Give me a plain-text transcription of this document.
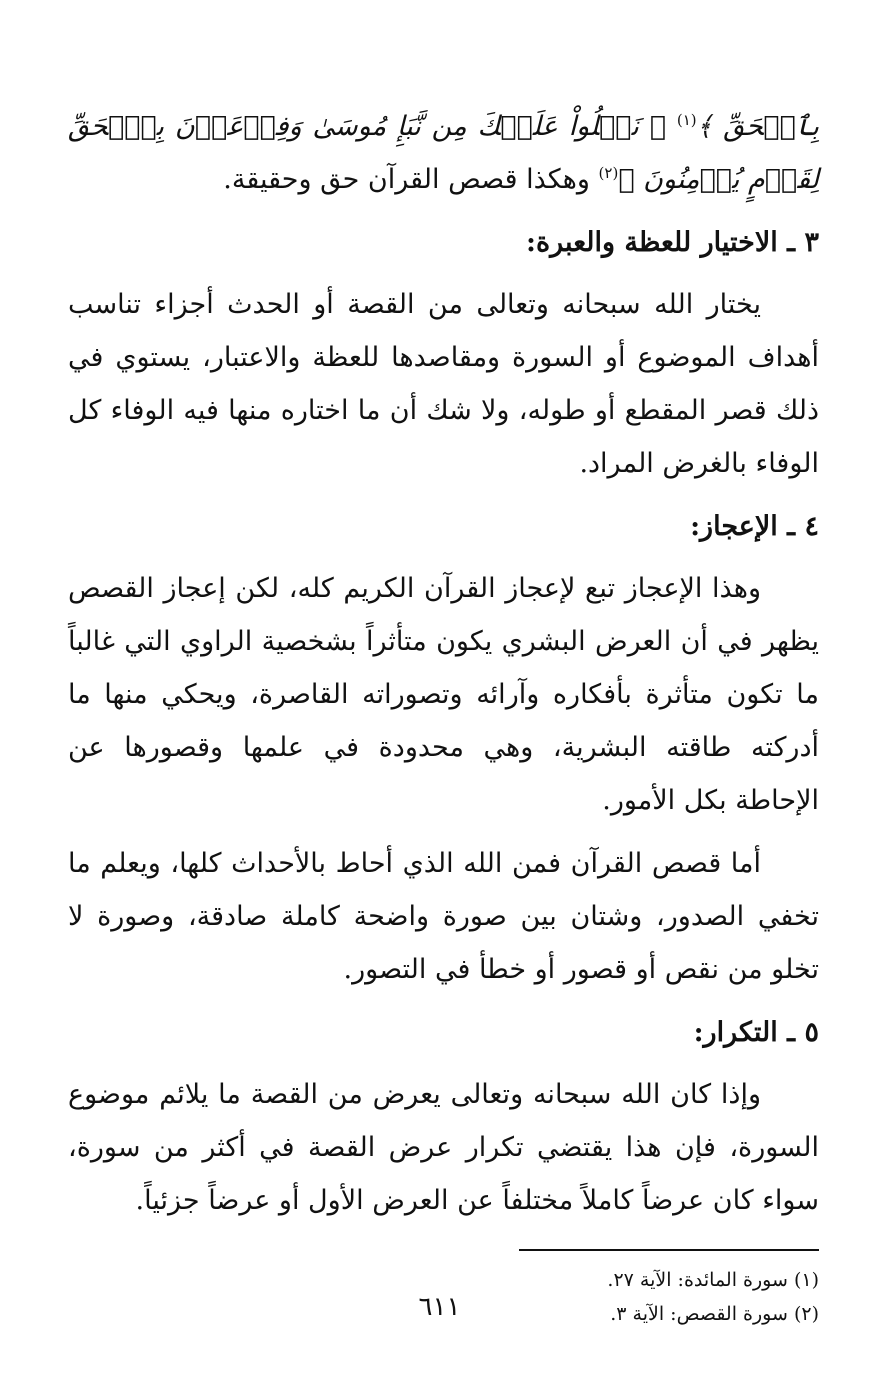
بِٱلۡحَقِّ ﴾$^{(١)}$ ﴿ نَتۡلُواْ عَلَيۡكَ مِن نَّبَإِ مُوسَىٰ وَفِرۡعَوۡنَ بِٱلۡحَقِّ لِقَوۡمٍ يُؤۡمِنُونَ ﴾$^{(٢)}$ وهكذا قصص القرآن حق وحقيقة.

٣ ـ الاختيار للعظة والعبرة:

يختار الله سبحانه وتعالى من القصة أو الحدث أجزاء تناسب أهداف الموضوع أو السورة ومقاصدها للعظة والاعتبار، يستوي في ذلك قصر المقطع أو طوله، ولا شك أن ما اختاره منها فيه الوفاء كل الوفاء بالغرض المراد.

٤ ـ الإعجاز:

وهذا الإعجاز تبع لإعجاز القرآن الكريم كله، لكن إعجاز القصص يظهر في أن العرض البشري يكون متأثراً بشخصية الراوي التي غالباً ما تكون متأثرة بأفكاره وآرائه وتصوراته القاصرة، ويحكي منها ما أدركته طاقته البشرية، وهي محدودة في علمها وقصورها عن الإحاطة بكل الأمور.

أما قصص القرآن فمن الله الذي أحاط بالأحداث كلها، ويعلم ما تخفي الصدور، وشتان بين صورة واضحة كاملة صادقة، وصورة لا تخلو من نقص أو قصور أو خطأ في التصور.

٥ ـ التكرار:

وإذا كان الله سبحانه وتعالى يعرض من القصة ما يلائم موضوع السورة، فإن هذا يقتضي تكرار عرض القصة في أكثر من سورة، سواء كان عرضاً كاملاً مختلفاً عن العرض الأول أو عرضاً جزئياً.

(١) سورة المائدة: الآية ٢٧.

(٢) سورة القصص: الآية ٣.

٦١١
